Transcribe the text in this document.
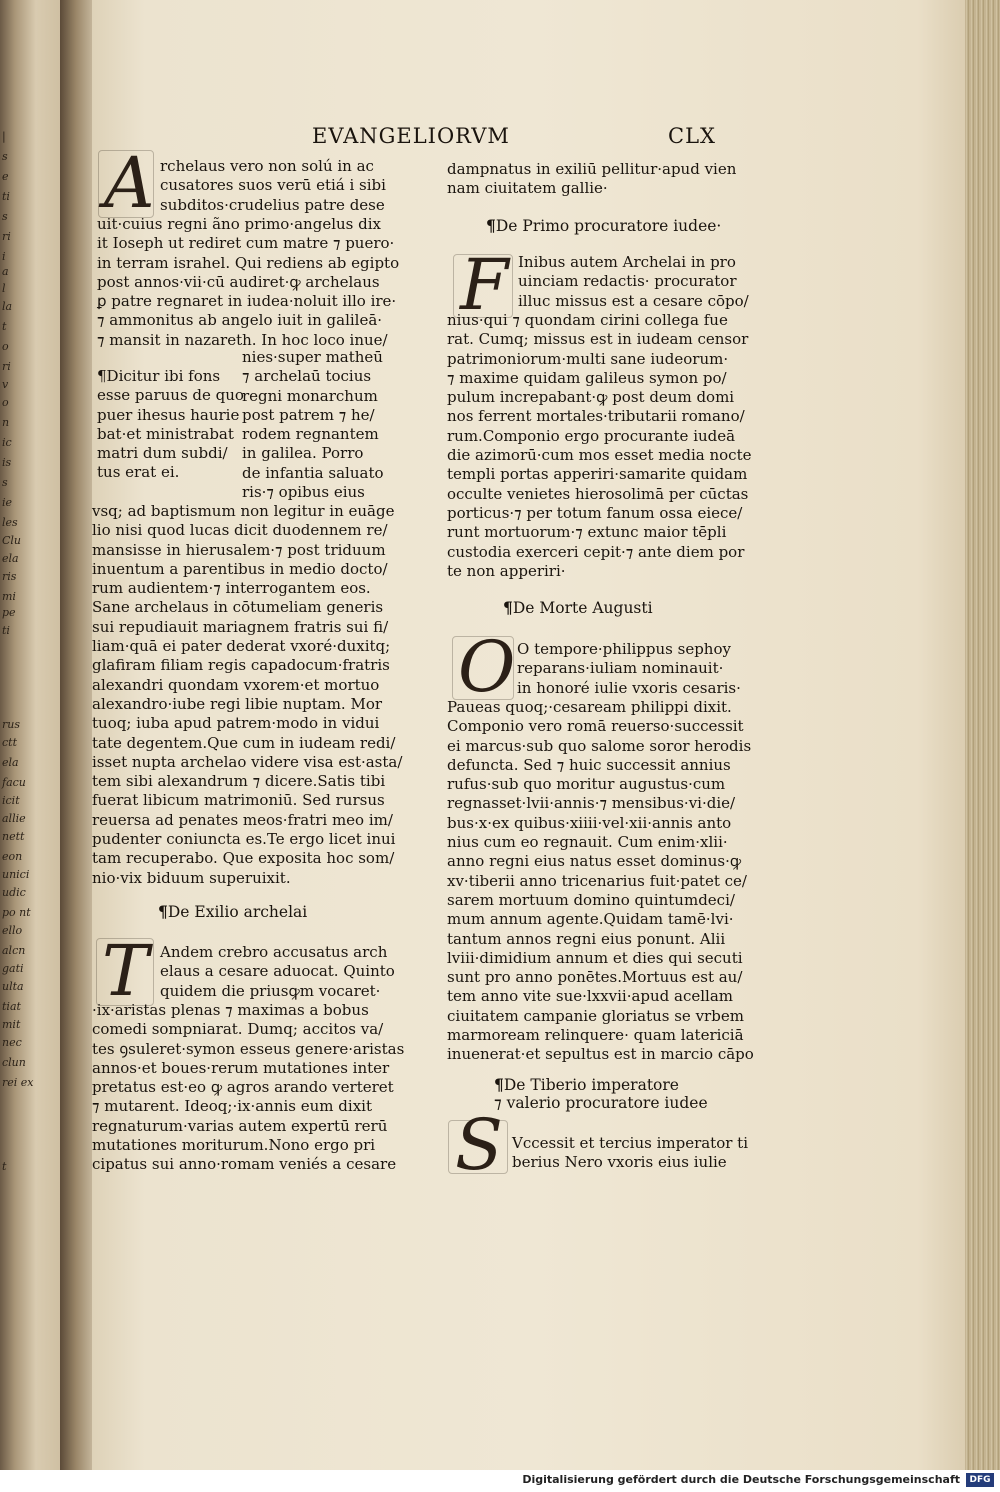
|
s
e
ti
s
ri
i
a
l
la
t
o
ri
v
o
n
ic
is
s
ie
les
Clu
ela
ris
mi
pe
ti
rus
ctt
ela
facu
icit
allie
nett
eon
unici
udic
po nt
ello
alcn
gati
ulta
tiat
mit
nec
clun
rei ex
t
EVANGELIORVM	CLX
A rchelaus vero non solú in ac
cusatores suos verū etiá i sibi
subditos·crudelius patre dese
uit·cuius regni ãno primo·angelus dix
it Ioseph ut rediret cum matre ⁊ puero·
in terram israhel. Qui rediens ab egipto
post annos·vii·cū audiret·ꝙ archelaus
ꝑ patre regnaret in iudea·noluit illo ire·
⁊ ammonitus ab angelo iuit in galileā·
⁊ mansit in nazareth. In hoc loco inue/
¶Dicitur ibi fons
esse paruus de quo
puer ihesus haurie
bat·et ministrabat
matri dum subdi/
tus erat ei.
nies·super matheū
⁊ archelaū tocius
regni monarchum
post patrem ⁊ he/
rodem regnantem
in galilea. Porro
de infantia saluato
ris·⁊ opibus eius
vsq; ad baptismum non legitur in euāge
lio nisi quod lucas dicit duodennem re/
mansisse in hierusalem·⁊ post triduum
inuentum a parentibus in medio docto/
rum audientem·⁊ interrogantem eos.
Sane archelaus in cōtumeliam generis
sui repudiauit mariagnem fratris sui fi/
liam·quā ei pater dederat vxoré·duxitq;
glafiram filiam regis capadocum·fratris
alexandri quondam vxorem·et mortuo
alexandro·iube regi libie nuptam. Mor
tuoq; iuba apud patrem·modo in vidui
tate degentem.Que cum in iudeam redi/
isset nupta archelao videre visa est·asta/
tem sibi alexandrum ⁊ dicere.Satis tibi
fuerat libicum matrimoniū. Sed rursus
reuersa ad penates meos·fratri meo im/
pudenter coniuncta es.Te ergo licet inui
tam recuperabo. Que exposita hoc som/
nio·vix biduum superuixit.
¶De Exilio archelai
T Andem crebro accusatus arch
elaus a cesare aduocat. Quinto
quidem die priusꝙm vocaret·
·ix·aristas plenas ⁊ maximas a bobus
comedi sompniarat. Dumq; accitos va/
tes ꝯsuleret·symon esseus genere·aristas
annos·et boues·rerum mutationes inter
pretatus est·eo ꝙ agros arando verteret
⁊ mutarent. Ideoq;·ix·annis eum dixit
regnaturum·varias autem expertū rerū
mutationes moriturum.Nono ergo pri
cipatus sui anno·romam veniés a cesare
dampnatus in exiliū pellitur·apud vien
nam ciuitatem gallie·
¶De Primo procuratore iudee·
F Inibus autem Archelai in pro
uinciam redactis· procurator
illuc missus est a cesare cōpo/
nius·qui ⁊ quondam cirini collega fue
rat. Cumq; missus est in iudeam censor
patrimoniorum·multi sane iudeorum·
⁊ maxime quidam galileus symon po/
pulum increpabant·ꝙ post deum domi
nos ferrent mortales·tributarii romano/
rum.Componio ergo procurante iudeā
die azimorū·cum mos esset media nocte
templi portas apperiri·samarite quidam
occulte venietes hierosolimā per cūctas
porticus·⁊ per totum fanum ossa eiece/
runt mortuorum·⁊ extunc maior tēpli
custodia exerceri cepit·⁊ ante diem por
te non apperiri·
¶De Morte Augusti
O O tempore·philippus sephoy
reparans·iuliam nominauit·
in honoré iulie vxoris cesaris·
Paueas quoq;·cesaream philippi dixit.
Componio vero romā reuerso·successit
ei marcus·sub quo salome soror herodis
defuncta. Sed ⁊ huic successit annius
rufus·sub quo moritur augustus·cum
regnasset·lvii·annis·⁊ mensibus·vi·die/
bus·x·ex quibus·xiiii·vel·xii·annis anto
nius cum eo regnauit. Cum enim·xlii·
anno regni eius natus esset dominus·ꝙ
xv·tiberii anno tricenarius fuit·patet ce/
sarem mortuum domino quintumdeci/
mum annum agente.Quidam tamē·lvi·
tantum annos regni eius ponunt. Alii
lviii·dimidium annum et dies qui secuti
sunt pro anno ponētes.Mortuus est au/
tem anno vite sue·lxxvii·apud acellam
ciuitatem campanie gloriatus se vrbem
marmoream relinquere· quam latericiā
inuenerat·et sepultus est in marcio cāpo
¶De Tiberio imperatore
⁊ valerio procuratore iudee
S Vccessit et tercius imperator ti
berius Nero vxoris eius iulie
Digitalisierung gefördert durch die Deutsche Forschungsgemeinschaft	DFG
